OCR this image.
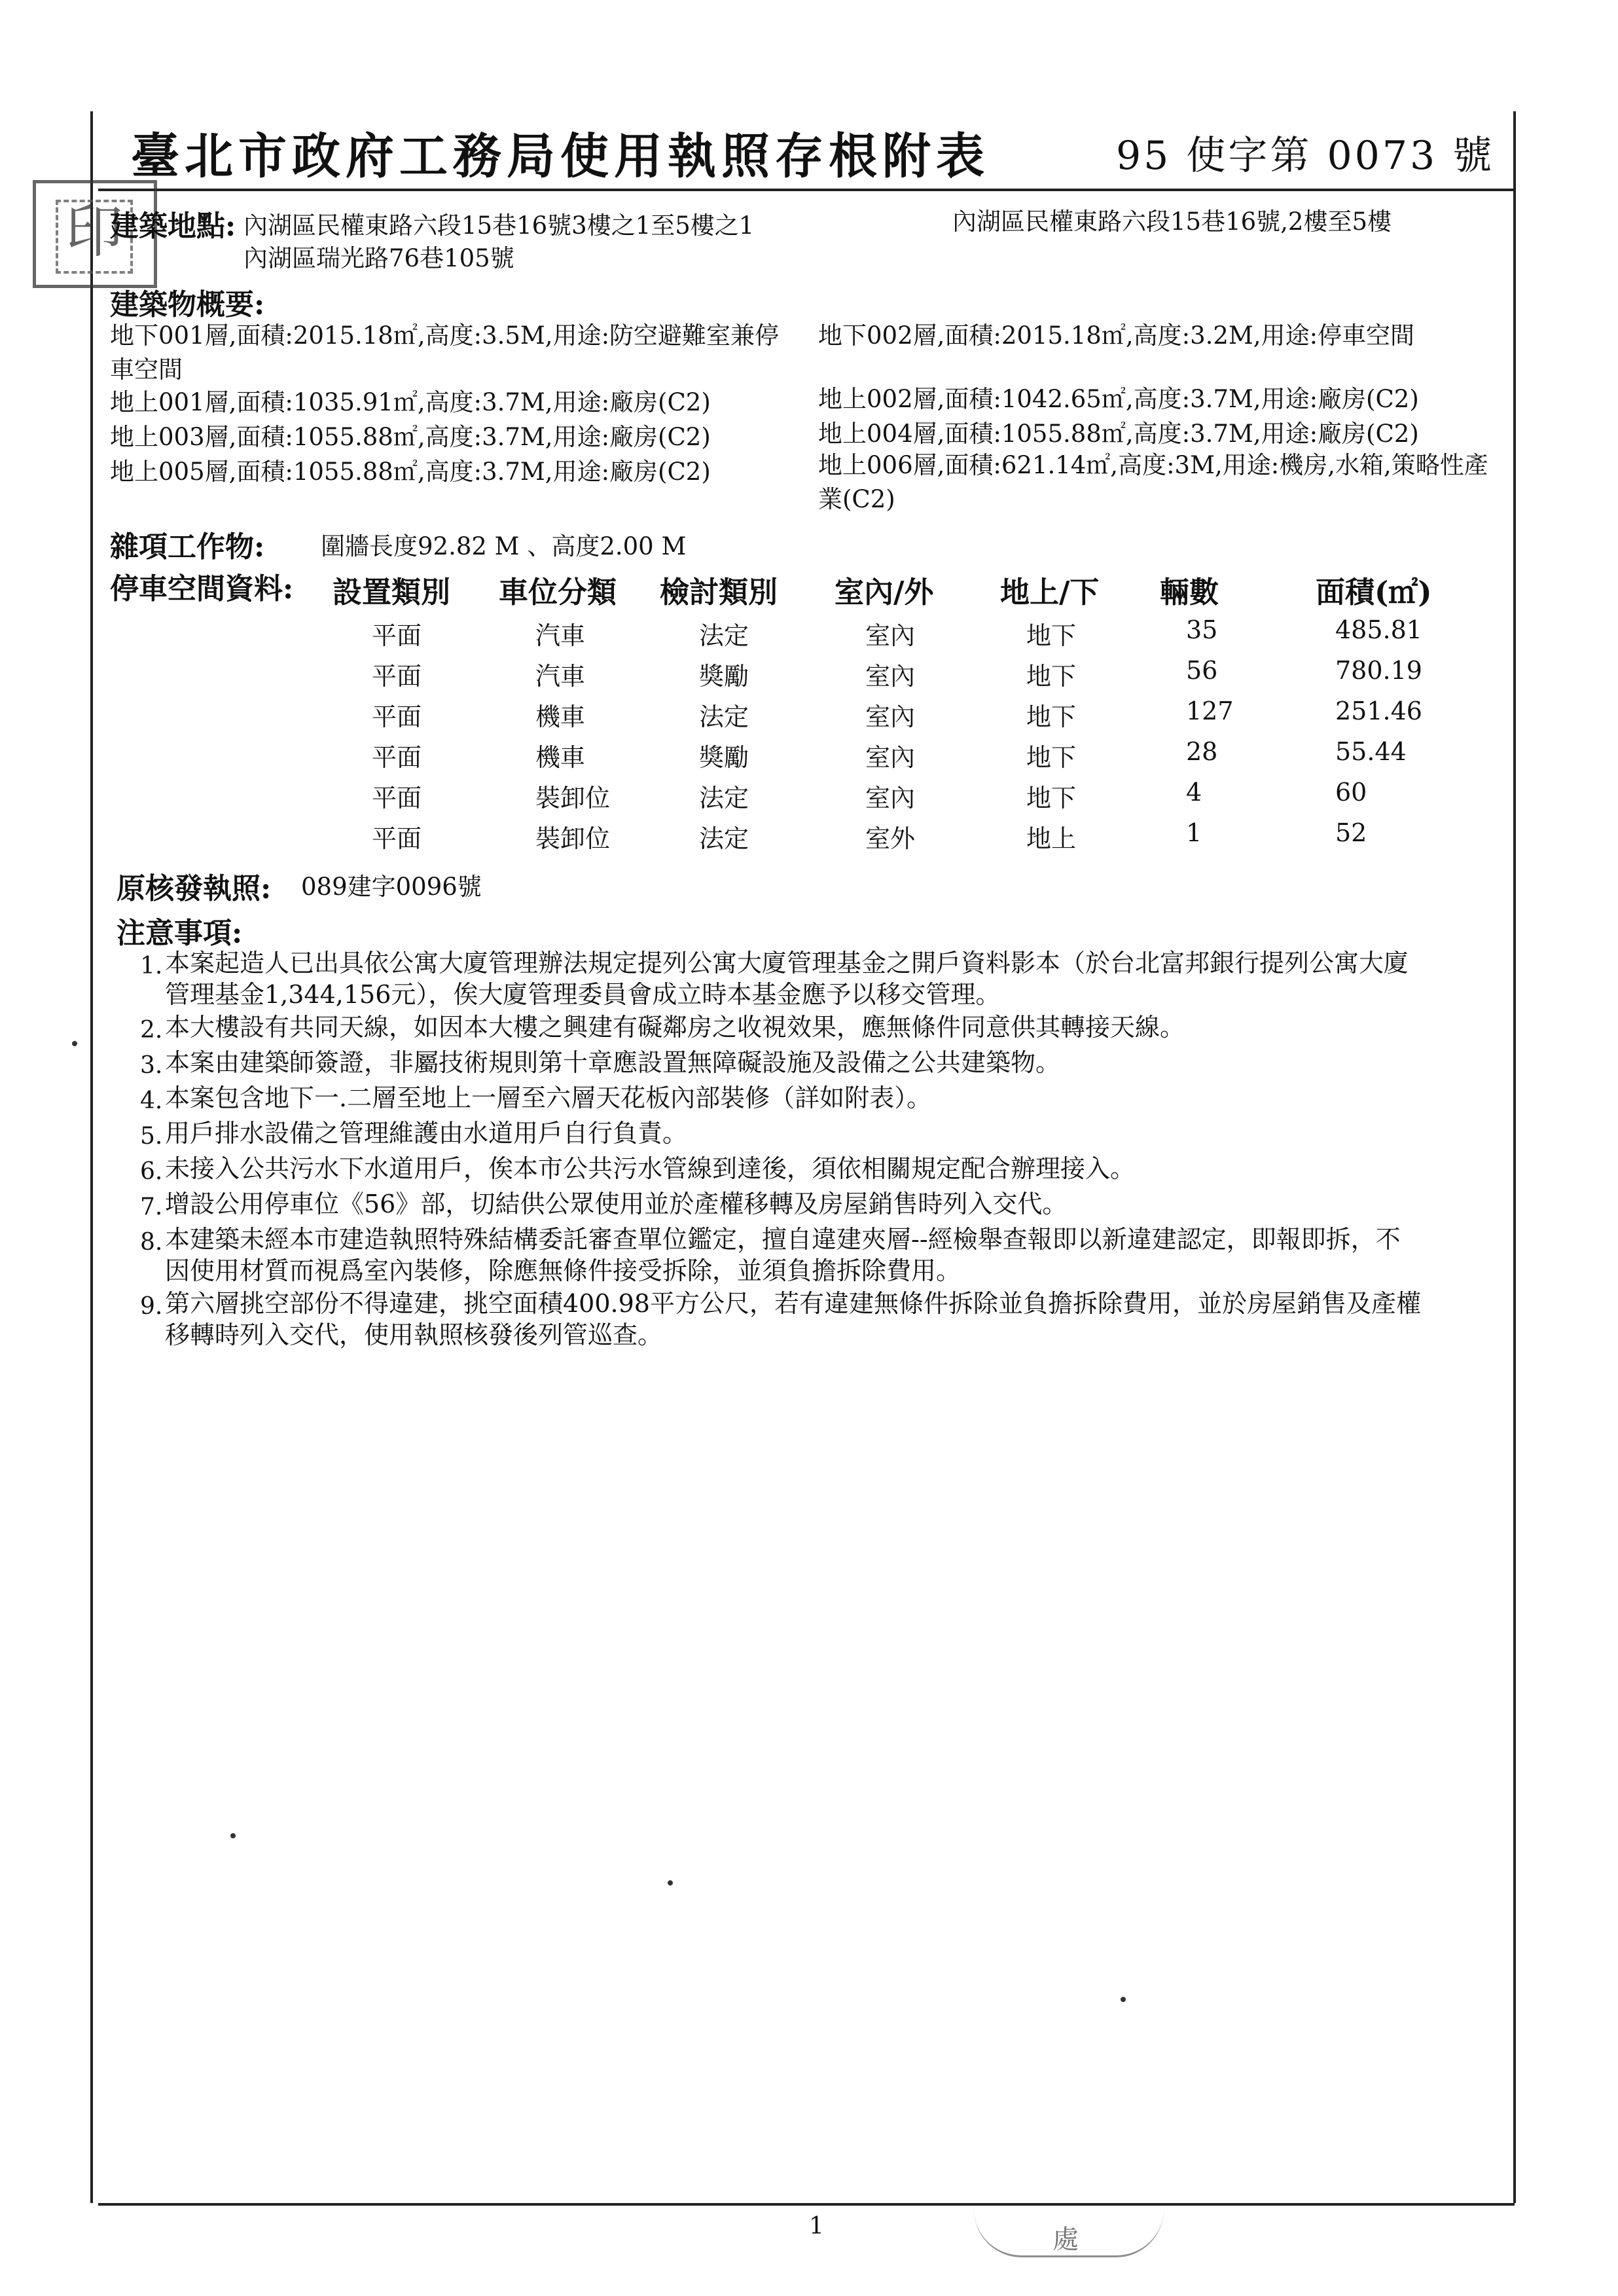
臺北市政府工務局使用執照存根附表	95 使字第 0073 號
印
建築地點: 內湖區民權東路六段15巷16號3樓之1至5樓之1	內湖區民權東路六段15巷16號,2樓至5樓
內湖區瑞光路76巷105號
建築物概要:
地下001層,面積:2015.18㎡,高度:3.5M,用途:防空避難室兼停
車空間
地下002層,面積:2015.18㎡,高度:3.2M,用途:停車空間
地上001層,面積:1035.91㎡,高度:3.7M,用途:廠房(C2)	地上002層,面積:1042.65㎡,高度:3.7M,用途:廠房(C2)
地上003層,面積:1055.88㎡,高度:3.7M,用途:廠房(C2)	地上004層,面積:1055.88㎡,高度:3.7M,用途:廠房(C2)
地上005層,面積:1055.88㎡,高度:3.7M,用途:廠房(C2)	地上006層,面積:621.14㎡,高度:3M,用途:機房,水箱,策略性產
業(C2)
雜項工作物: 圍牆長度92.82 M 、高度2.00 M
停車空間資料: 設置類別 車位分類 檢討類別 室內/外 地上/下 輛數	面積(㎡)
平面	汽車	法定	室內	地下	35	485.81
平面	汽車	獎勵	室內	地下	56	780.19
平面	機車	法定	室內	地下	127	251.46
平面	機車	獎勵	室內	地下	28	55.44
平面	裝卸位	法定	室內	地下	4	60
平面	裝卸位	法定	室外	地上	1	52
原核發執照: 089建字0096號
注意事項:
1. 本案起造人已出具依公寓大廈管理辦法規定提列公寓大廈管理基金之開戶資料影本（於台北富邦銀行提列公寓大廈
管理基金1,344,156元），俟大廈管理委員會成立時本基金應予以移交管理。
2. 本大樓設有共同天線，如因本大樓之興建有礙鄰房之收視效果，應無條件同意供其轉接天線。
3. 本案由建築師簽證，非屬技術規則第十章應設置無障礙設施及設備之公共建築物。
4. 本案包含地下一.二層至地上一層至六層天花板內部裝修（詳如附表）。
5. 用戶排水設備之管理維護由水道用戶自行負責。
6. 未接入公共污水下水道用戶，俟本市公共污水管線到達後，須依相關規定配合辦理接入。
7. 增設公用停車位《56》部，切結供公眾使用並於產權移轉及房屋銷售時列入交代。
8. 本建築未經本市建造執照特殊結構委託審查單位鑑定，擅自違建夾層--經檢舉查報即以新違建認定，即報即拆，不
因使用材質而視爲室內裝修，除應無條件接受拆除，並須負擔拆除費用。
9. 第六層挑空部份不得違建，挑空面積400.98平方公尺，若有違建無條件拆除並負擔拆除費用，並於房屋銷售及產權
移轉時列入交代，使用執照核發後列管巡查。
1	處
